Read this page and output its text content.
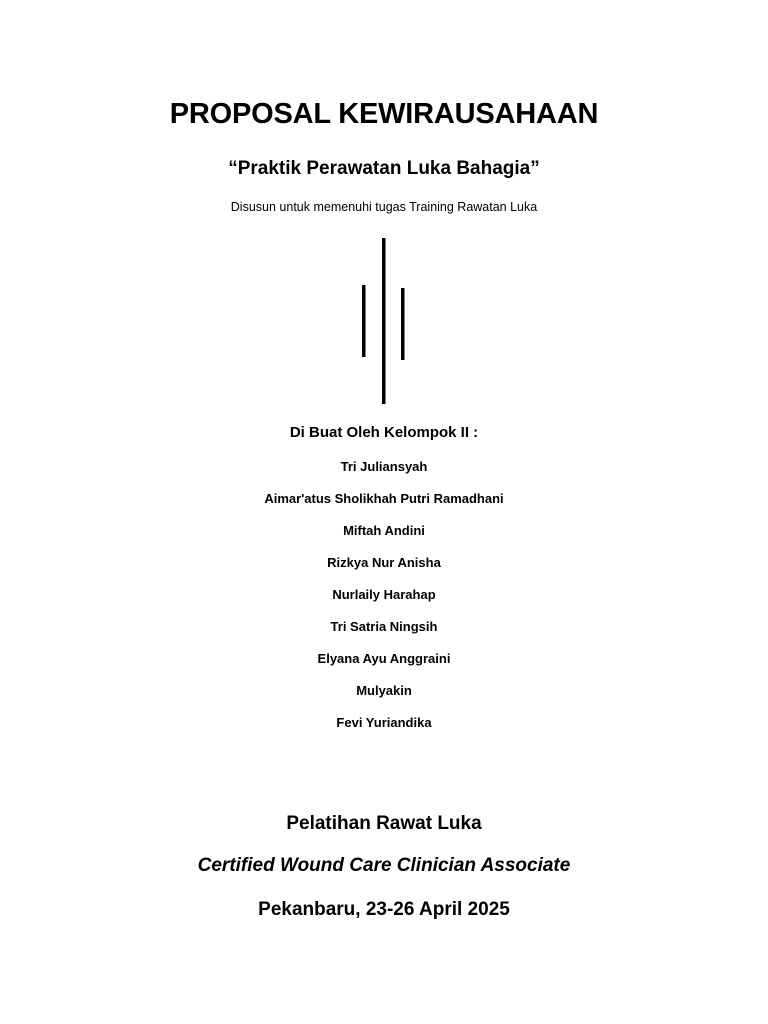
PROPOSAL KEWIRAUSAHAAN
“Praktik Perawatan Luka Bahagia”
Disusun untuk memenuhi tugas Training Rawatan Luka
Di Buat Oleh Kelompok II :
Tri Juliansyah
Aimar'atus Sholikhah Putri Ramadhani
Miftah Andini
Rizkya Nur Anisha
Nurlaily Harahap
Tri Satria Ningsih
Elyana Ayu Anggraini
Mulyakin
Fevi Yuriandika
Pelatihan Rawat Luka
Certified Wound Care Clinician Associate
Pekanbaru, 23-26 April 2025
